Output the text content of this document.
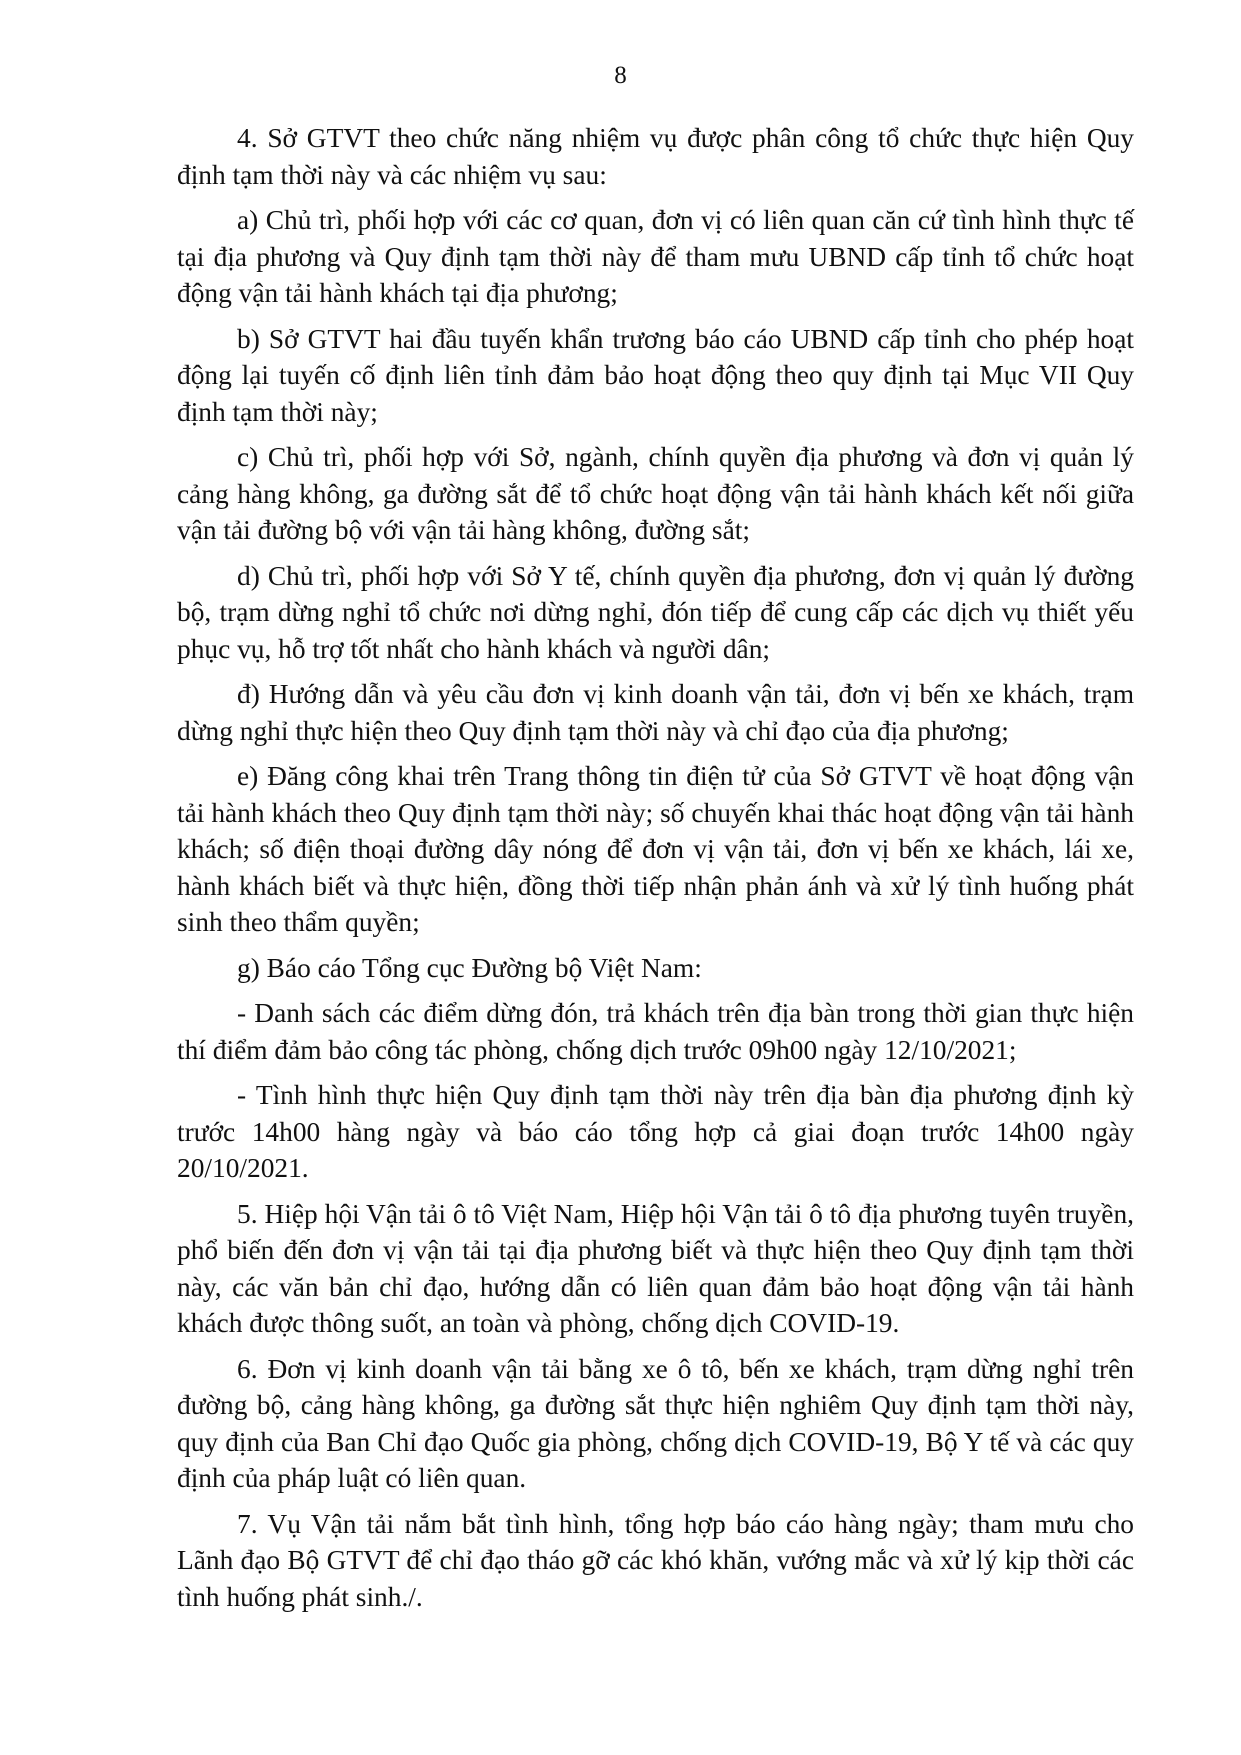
8

4. Sở GTVT theo chức năng nhiệm vụ được phân công tổ chức thực hiện Quy định tạm thời này và các nhiệm vụ sau:

a) Chủ trì, phối hợp với các cơ quan, đơn vị có liên quan căn cứ tình hình thực tế tại địa phương và Quy định tạm thời này để tham mưu UBND cấp tỉnh tổ chức hoạt động vận tải hành khách tại địa phương;

b) Sở GTVT hai đầu tuyến khẩn trương báo cáo UBND cấp tỉnh cho phép hoạt động lại tuyến cố định liên tỉnh đảm bảo hoạt động theo quy định tại Mục VII Quy định tạm thời này;

c) Chủ trì, phối hợp với Sở, ngành, chính quyền địa phương và đơn vị quản lý cảng hàng không, ga đường sắt để tổ chức hoạt động vận tải hành khách kết nối giữa vận tải đường bộ với vận tải hàng không, đường sắt;

d) Chủ trì, phối hợp với Sở Y tế, chính quyền địa phương, đơn vị quản lý đường bộ, trạm dừng nghỉ tổ chức nơi dừng nghỉ, đón tiếp để cung cấp các dịch vụ thiết yếu phục vụ, hỗ trợ tốt nhất cho hành khách và người dân;

đ) Hướng dẫn và yêu cầu đơn vị kinh doanh vận tải, đơn vị bến xe khách, trạm dừng nghỉ thực hiện theo Quy định tạm thời này và chỉ đạo của địa phương;

e) Đăng công khai trên Trang thông tin điện tử của Sở GTVT về hoạt động vận tải hành khách theo Quy định tạm thời này; số chuyến khai thác hoạt động vận tải hành khách; số điện thoại đường dây nóng để đơn vị vận tải, đơn vị bến xe khách, lái xe, hành khách biết và thực hiện, đồng thời tiếp nhận phản ánh và xử lý tình huống phát sinh theo thẩm quyền;

g) Báo cáo Tổng cục Đường bộ Việt Nam:

- Danh sách các điểm dừng đón, trả khách trên địa bàn trong thời gian thực hiện thí điểm đảm bảo công tác phòng, chống dịch trước 09h00 ngày 12/10/2021;

- Tình hình thực hiện Quy định tạm thời này trên địa bàn địa phương định kỳ trước 14h00 hàng ngày và báo cáo tổng hợp cả giai đoạn trước 14h00 ngày 20/10/2021.

5. Hiệp hội Vận tải ô tô Việt Nam, Hiệp hội Vận tải ô tô địa phương tuyên truyền, phổ biến đến đơn vị vận tải tại địa phương biết và thực hiện theo Quy định tạm thời này, các văn bản chỉ đạo, hướng dẫn có liên quan đảm bảo hoạt động vận tải hành khách được thông suốt, an toàn và phòng, chống dịch COVID-19.

6. Đơn vị kinh doanh vận tải bằng xe ô tô, bến xe khách, trạm dừng nghỉ trên đường bộ, cảng hàng không, ga đường sắt thực hiện nghiêm Quy định tạm thời này, quy định của Ban Chỉ đạo Quốc gia phòng, chống dịch COVID-19, Bộ Y tế và các quy định của pháp luật có liên quan.

7. Vụ Vận tải nắm bắt tình hình, tổng hợp báo cáo hàng ngày; tham mưu cho Lãnh đạo Bộ GTVT để chỉ đạo tháo gỡ các khó khăn, vướng mắc và xử lý kịp thời các tình huống phát sinh./.
